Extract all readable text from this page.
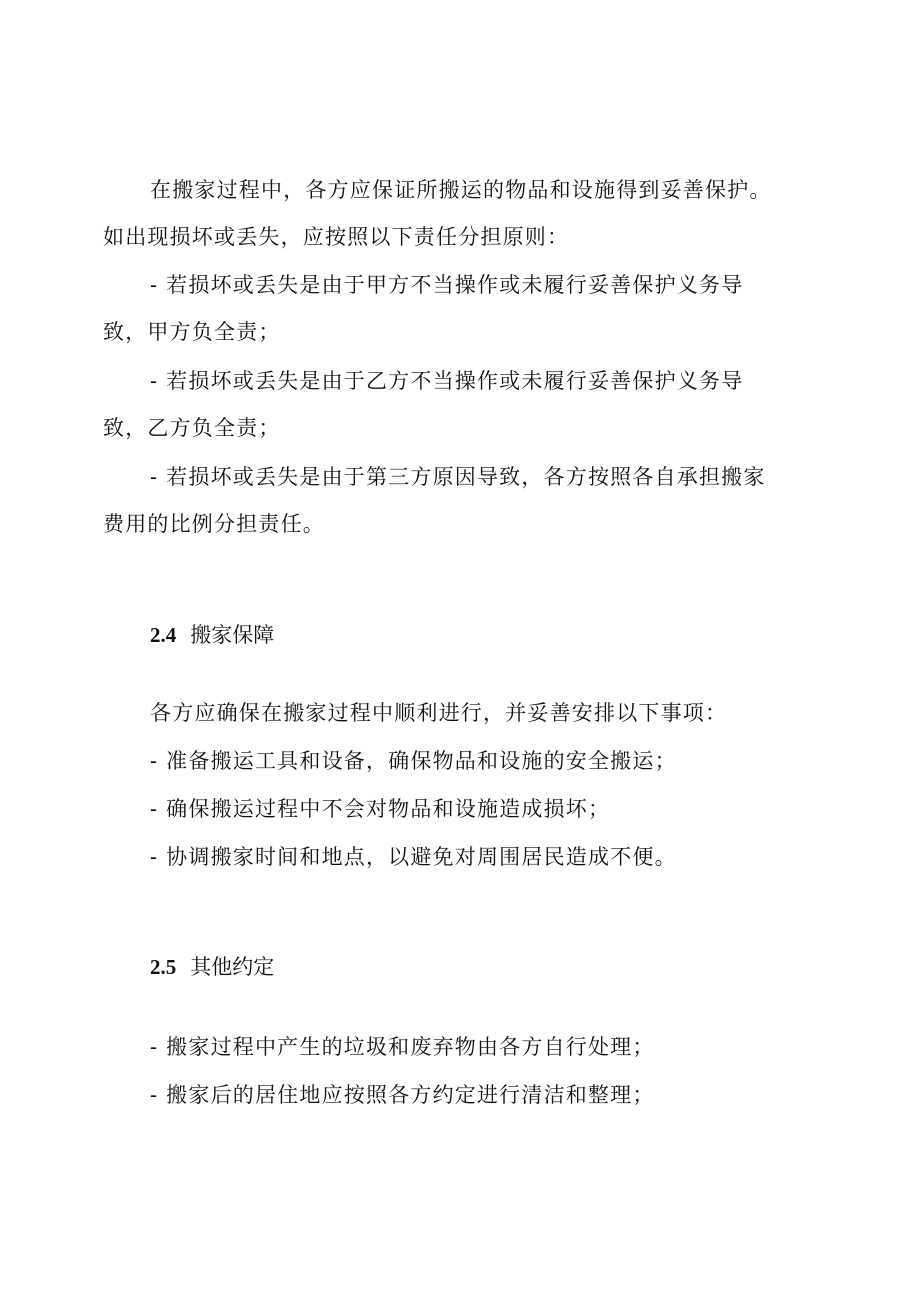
在搬家过程中，各方应保证所搬运的物品和设施得到妥善保护。
如出现损坏或丢失，应按照以下责任分担原则：
- 若损坏或丢失是由于甲方不当操作或未履行妥善保护义务导
致，甲方负全责；
- 若损坏或丢失是由于乙方不当操作或未履行妥善保护义务导
致，乙方负全责；
- 若损坏或丢失是由于第三方原因导致，各方按照各自承担搬家
费用的比例分担责任。
2.4 搬家保障
各方应确保在搬家过程中顺利进行，并妥善安排以下事项：
- 准备搬运工具和设备，确保物品和设施的安全搬运；
- 确保搬运过程中不会对物品和设施造成损坏；
- 协调搬家时间和地点，以避免对周围居民造成不便。
2.5 其他约定
- 搬家过程中产生的垃圾和废弃物由各方自行处理；
- 搬家后的居住地应按照各方约定进行清洁和整理；
